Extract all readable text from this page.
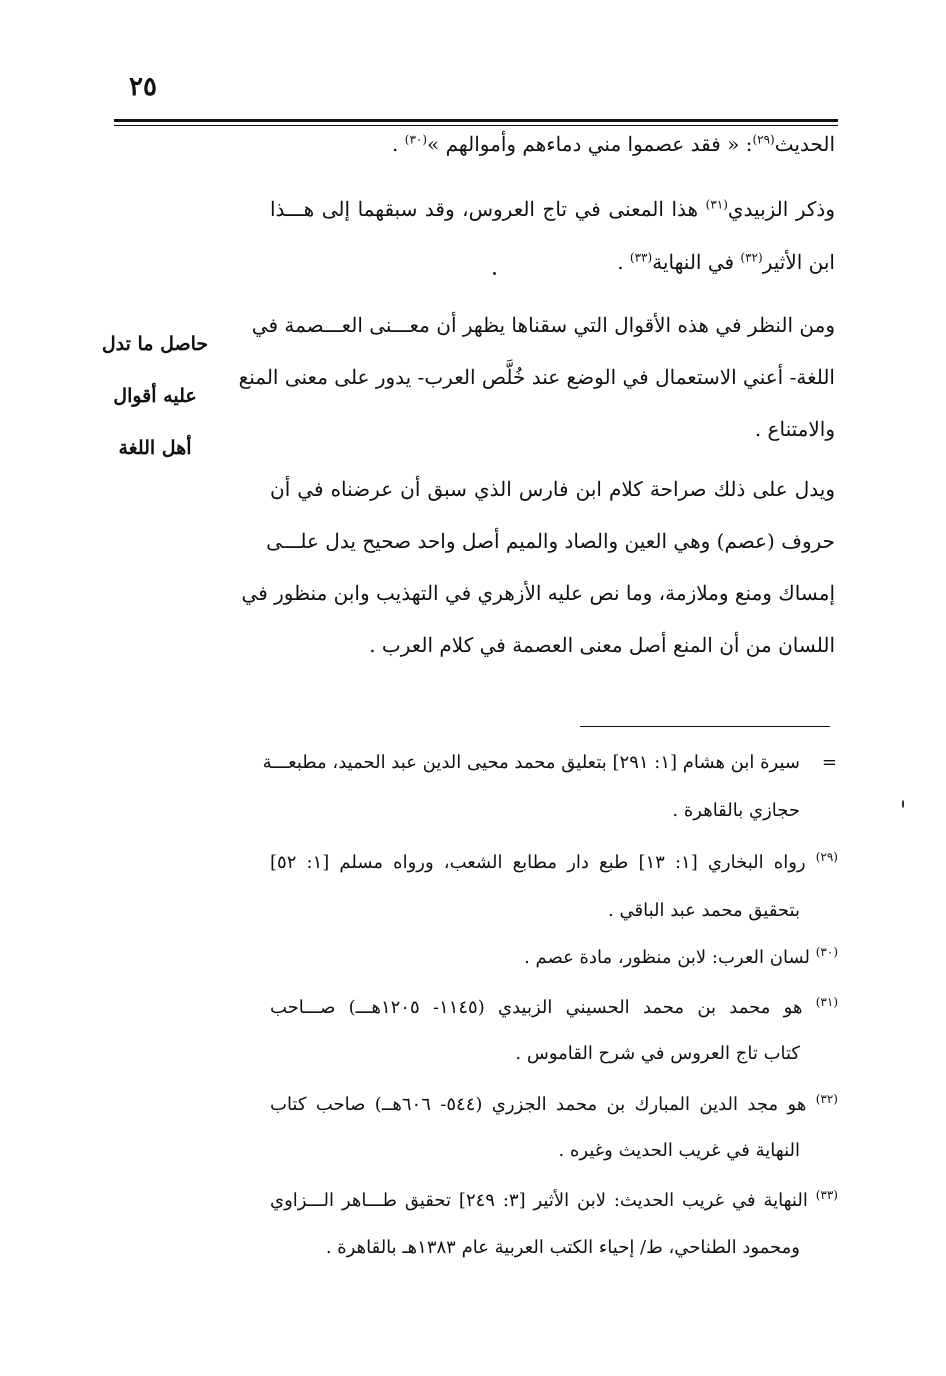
٢٥
الحديث$^{(٢٩)}$: « فقد عصموا مني دماءهم وأموالهم »$^{(٣٠)}$ .
وذكر الزبيدي$^{(٣١)}$ هذا المعنى في تاج العروس، وقد سبقهما إلى هـــذا
ابن الأثير$^{(٣٢)}$ في النهاية$^{(٣٣)}$ .
ومن النظر في هذه الأقوال التي سقناها يظهر أن معـــنى العـــصمة في
اللغة- أعني الاستعمال في الوضع عند خُلَّص العرب- يدور على معنى المنع
والامتناع .
حاصل ما تدل
عليه أقوال
أهل اللغة
ويدل على ذلك صراحة كلام ابن فارس الذي سبق أن عرضناه في أن
حروف (عصم) وهي العين والصاد والميم أصل واحد صحيح يدل علـــى
إمساك ومنع وملازمة، وما نص عليه الأزهري في التهذيب وابن منظور في
اللسان من أن المنع أصل معنى العصمة في كلام العرب .
=
سيرة ابن هشام [١: ٢٩١] بتعليق محمد محيى الدين عبد الحميد، مطبعـــة
حجازي بالقاهرة .
$^{(٢٩)}$ رواه البخاري [١: ١٣] طبع دار مطابع الشعب، ورواه مسلم [١: ٥٢]
بتحقيق محمد عبد الباقي .
$^{(٣٠)}$ لسان العرب: لابن منظور، مادة عصم .
$^{(٣١)}$ هو محمد بن محمد الحسيني الزبيدي (١١٤٥- ١٢٠٥هـــ) صـــاحب
كتاب تاج العروس في شرح القاموس .
$^{(٣٢)}$ هو مجد الدين المبارك بن محمد الجزري (٥٤٤- ٦٠٦هــ) صاحب كتاب
النهاية في غريب الحديث وغيره .
$^{(٣٣)}$ النهاية في غريب الحديث: لابن الأثير [٣: ٢٤٩] تحقيق طـــاهر الـــزاوي
ومحمود الطناحي، ط/ إحياء الكتب العربية عام ١٣٨٣هـ بالقاهرة .
